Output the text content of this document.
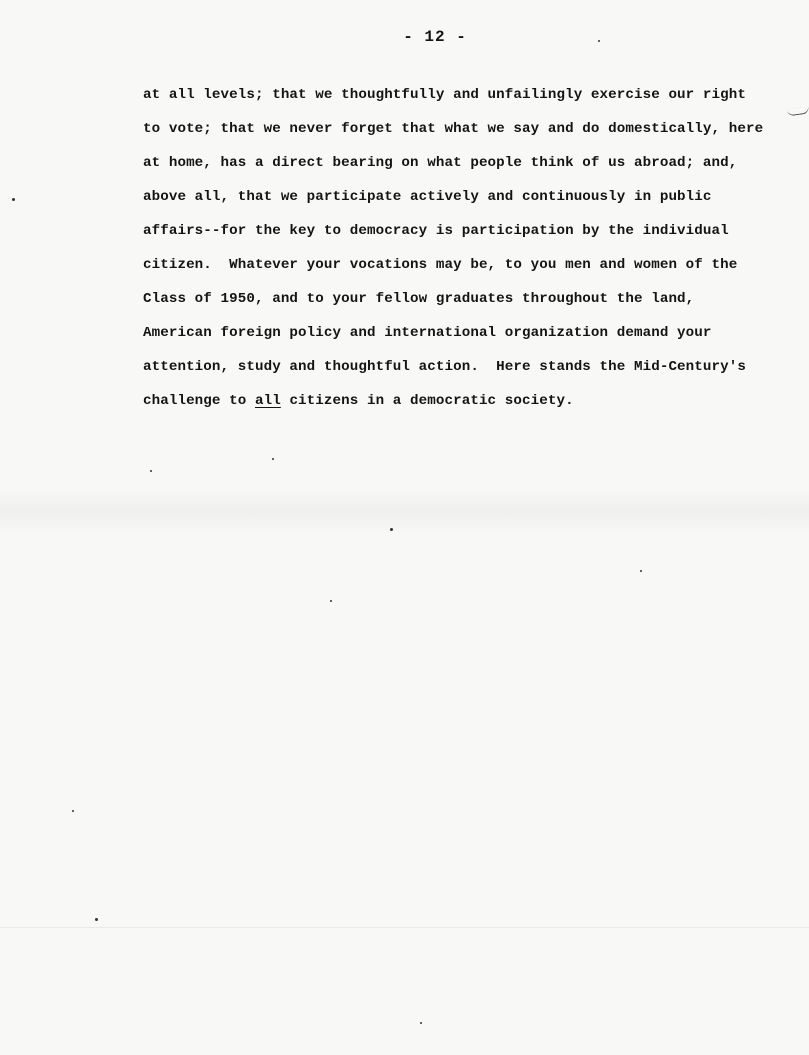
- 12 -
at all levels; that we thoughtfully and unfailingly exercise our right
to vote; that we never forget that what we say and do domestically, here
at home, has a direct bearing on what people think of us abroad; and,
above all, that we participate actively and continuously in public
affairs--for the key to democracy is participation by the individual
citizen.  Whatever your vocations may be, to you men and women of the
Class of 1950, and to your fellow graduates throughout the land,
American foreign policy and international organization demand your
attention, study and thoughtful action.  Here stands the Mid-Century's
challenge to all citizens in a democratic society.
